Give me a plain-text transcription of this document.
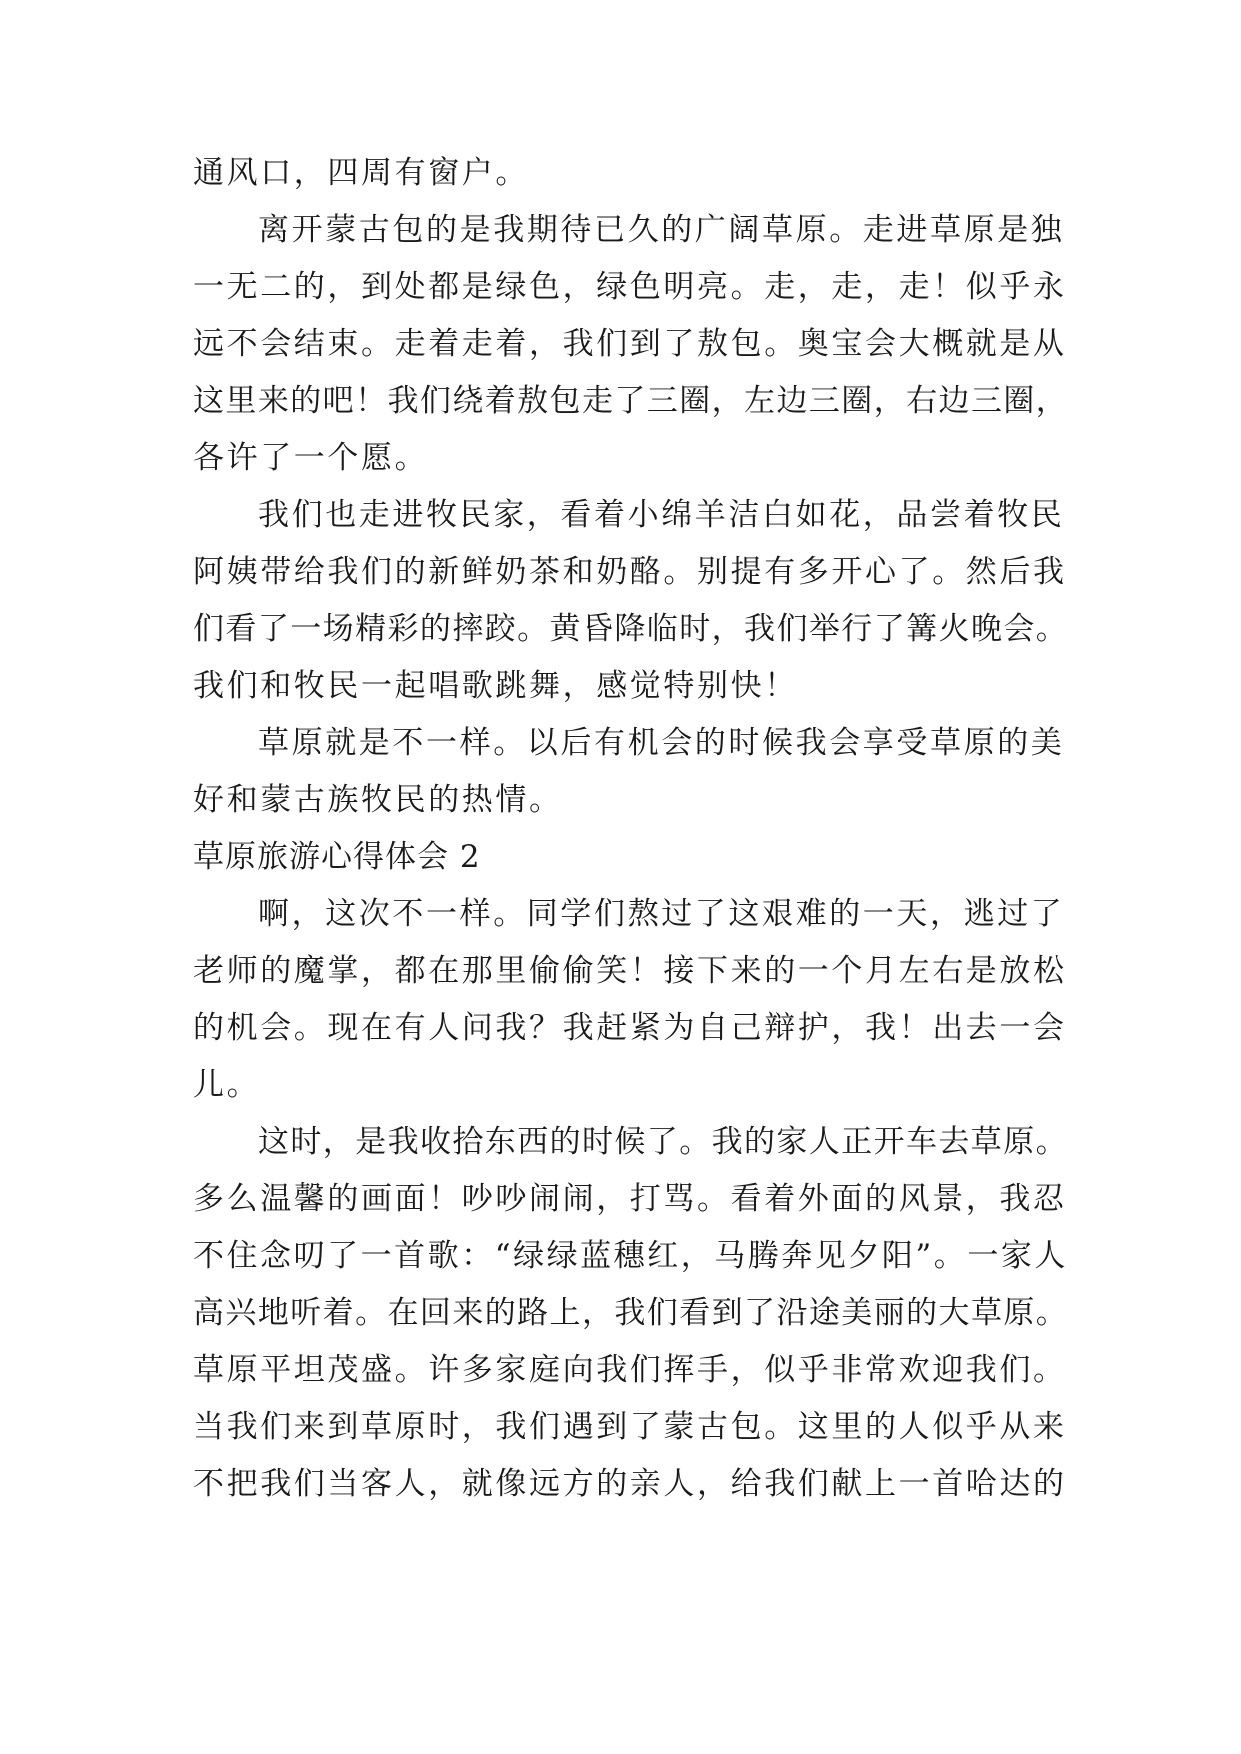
通风口，四周有窗户。
离开蒙古包的是我期待已久的广阔草原。走进草原是独
一无二的，到处都是绿色，绿色明亮。走，走，走！似乎永
远不会结束。走着走着，我们到了敖包。奥宝会大概就是从
这里来的吧！我们绕着敖包走了三圈，左边三圈，右边三圈，
各许了一个愿。
我们也走进牧民家，看着小绵羊洁白如花，品尝着牧民
阿姨带给我们的新鲜奶茶和奶酪。别提有多开心了。然后我
们看了一场精彩的摔跤。黄昏降临时，我们举行了篝火晚会。
我们和牧民一起唱歌跳舞，感觉特别快！
草原就是不一样。以后有机会的时候我会享受草原的美
好和蒙古族牧民的热情。
草原旅游心得体会 2
啊，这次不一样。同学们熬过了这艰难的一天，逃过了
老师的魔掌，都在那里偷偷笑！接下来的一个月左右是放松
的机会。现在有人问我？我赶紧为自己辩护，我！出去一会
儿。
这时，是我收拾东西的时候了。我的家人正开车去草原。
多么温馨的画面！吵吵闹闹，打骂。看着外面的风景，我忍
不住念叨了一首歌：“绿绿蓝穗红，马腾奔见夕阳”。一家人
高兴地听着。在回来的路上，我们看到了沿途美丽的大草原。
草原平坦茂盛。许多家庭向我们挥手，似乎非常欢迎我们。
当我们来到草原时，我们遇到了蒙古包。这里的人似乎从来
不把我们当客人，就像远方的亲人，给我们献上一首哈达的
